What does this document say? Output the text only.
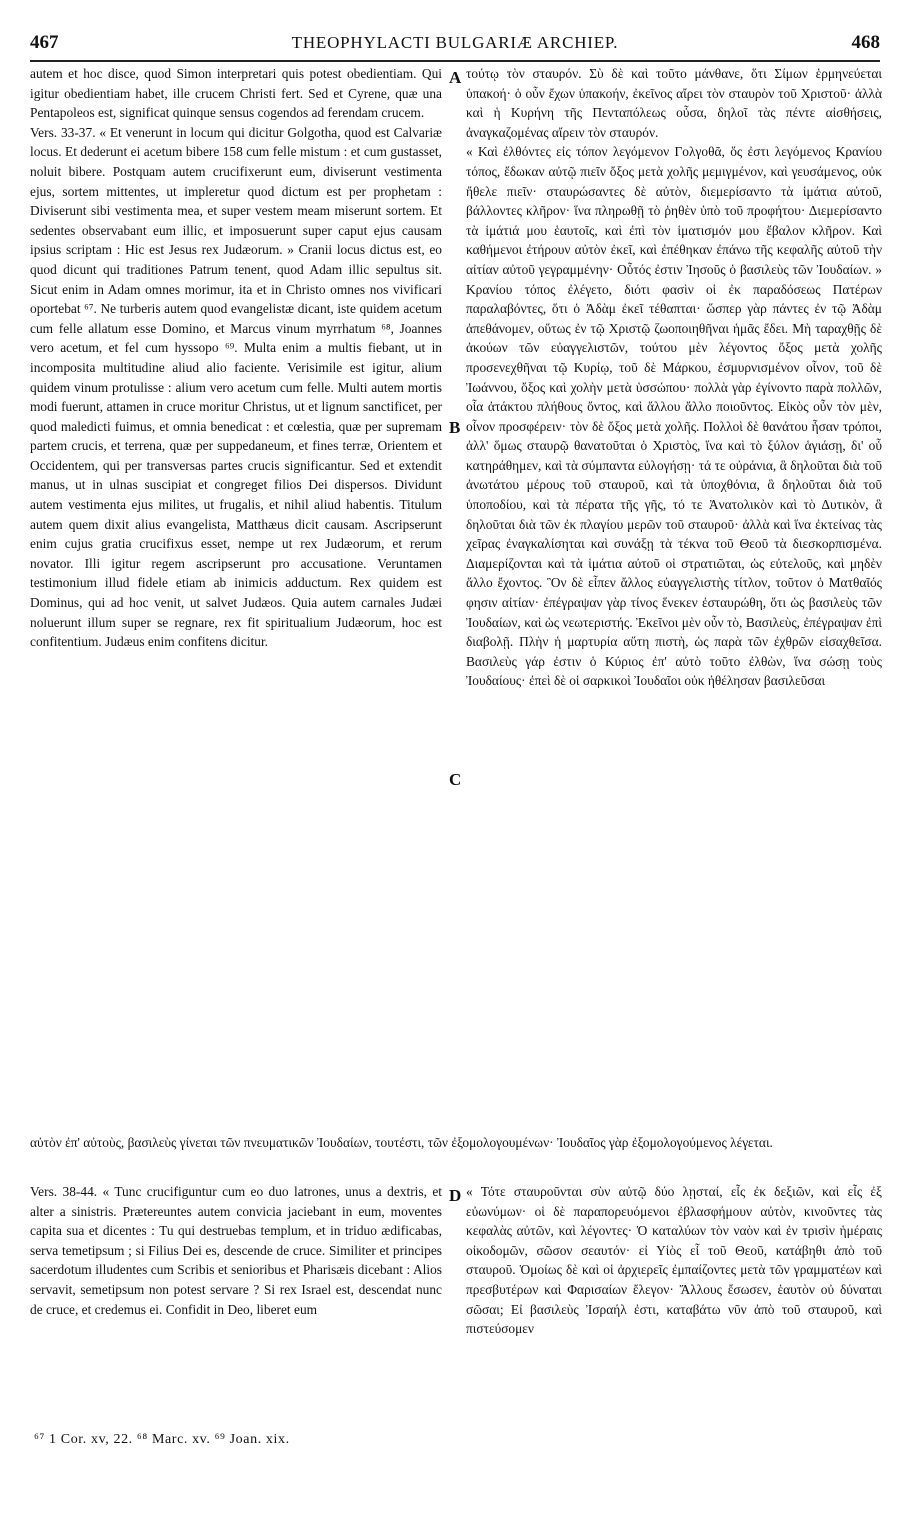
467	THEOPHYLACTI BULGARIÆ ARCHIEP.	468

autem et hoc disce, quod Simon interpretari quis potest obedientiam. Qui igitur obedientiam habet, ille crucem Christi fert. Sed et Cyrene, quæ una Pentapoleos est, significat quinque sensus cogendos ad ferendam crucem.

Vers. 33-37. « Et venerunt in locum qui dicitur Golgotha, quod est Calvariæ locus. Et dederunt ei acetum bibere 158 cum felle mistum : et cum gustasset, noluit bibere. Postquam autem crucifixerunt eum, diviserunt vestimenta ejus, sortem mittentes, ut impleretur quod dictum est per prophetam : Diviserunt sibi vestimenta mea, et super vestem meam miserunt sortem. Et sedentes observabant eum illic, et imposuerunt super caput ejus causam ipsius scriptam : Hic est Jesus rex Judæorum. » Cranii locus dictus est, eo quod dicunt qui traditiones Patrum tenent, quod Adam illic sepultus sit. Sicut enim in Adam omnes morimur, ita et in Christo omnes nos vivificari oportebat ⁶⁷. Ne turberis autem quod evangelistæ dicant, iste quidem acetum cum felle allatum esse Domino, et Marcus vinum myrrhatum ⁶⁸, Joannes vero acetum, et fel cum hyssopo ⁶⁹. Multa enim a multis fiebant, ut in incomposita multitudine aliud alio faciente. Verisimile est igitur, alium quidem vinum protulisse : alium vero acetum cum felle. Multi autem mortis modi fuerunt, attamen in cruce moritur Christus, ut et lignum sanctificet, per quod maledicti fuimus, et omnia benedicat : et cœlestia, quæ per supremam partem crucis, et terrena, quæ per suppedaneum, et fines terræ, Orientem et Occidentem, qui per transversas partes crucis significantur. Sed et extendit manus, ut in ulnas suscipiat et congreget filios Dei dispersos. Dividunt autem vestimenta ejus milites, ut frugalis, et nihil aliud habentis. Titulum autem quem dixit alius evangelista, Matthæus dicit causam. Ascripserunt enim cujus gratia crucifixus esset, nempe ut rex Judæorum, et rerum novator. Illi igitur regem ascripserunt pro accusatione. Veruntamen testimonium illud fidele etiam ab inimicis adductum. Rex quidem est Dominus, qui ad hoc venit, ut salvet Judæos. Quia autem carnales Judæi noluerunt illum super se regnare, rex fit spiritualium Judæorum, hoc est confitentium. Judæus enim confitens dicitur.

τούτῳ τὸν σταυρόν. Σὺ δὲ καὶ τοῦτο μάνθανε, ὅτι Σίμων ἑρμηνεύεται ὑπακοή· ὁ οὖν ἔχων ὑπακοήν, ἐκεῖνος αἴρει τὸν σταυρὸν τοῦ Χριστοῦ· ἀλλὰ καὶ ἡ Κυρήνη τῆς Πενταπόλεως οὖσα, δηλοῖ τὰς πέντε αἰσθήσεις, ἀναγκαζομένας αἴρειν τὸν σταυρόν.

« Καὶ ἐλθόντες εἰς τόπον λεγόμενον Γολγοθᾶ, ὅς ἐστι λεγόμενος Κρανίου τόπος, ἔδωκαν αὐτῷ πιεῖν ὄξος μετὰ χολῆς μεμιγμένον, καὶ γευσάμενος, οὐκ ἤθελε πιεῖν· σταυρώσαντες δὲ αὐτὸν, διεμερίσαντο τὰ ἱμάτια αὐτοῦ, βάλλοντες κλῆρον· ἵνα πληρωθῇ τὸ ῥηθὲν ὑπὸ τοῦ προφήτου· Διεμερίσαντο τὰ ἱμάτιά μου ἑαυτοῖς, καὶ ἐπὶ τὸν ἱματισμόν μου ἔβαλον κλῆρον. Καὶ καθήμενοι ἐτήρουν αὐτὸν ἐκεῖ, καὶ ἐπέθηκαν ἐπάνω τῆς κεφαλῆς αὐτοῦ τὴν αἰτίαν αὐτοῦ γεγραμμένην· Οὗτός ἐστιν Ἰησοῦς ὁ βασιλεὺς τῶν Ἰουδαίων. » Κρανίου τόπος ἐλέγετο, διότι φασὶν οἱ ἐκ παραδόσεως Πατέρων παραλαβόντες, ὅτι ὁ Ἀδὰμ ἐκεῖ τέθαπται· ὥσπερ γὰρ πάντες ἐν τῷ Ἀδὰμ ἀπεθάνομεν, οὕτως ἐν τῷ Χριστῷ ζωοποιηθῆναι ἡμᾶς ἔδει. Μὴ ταραχθῇς δὲ ἀκούων τῶν εὐαγγελιστῶν, τούτου μὲν λέγοντος ὄξος μετὰ χολῆς προσενεχθῆναι τῷ Κυρίῳ, τοῦ δὲ Μάρκου, ἐσμυρνισμένον οἶνον, τοῦ δὲ Ἰωάννου, ὄξος καὶ χολὴν μετὰ ὑσσώπου· πολλὰ γὰρ ἐγίνοντο παρὰ πολλῶν, οἷα ἀτάκτου πλήθους ὄντος, καὶ ἄλλου ἄλλο ποιοῦντος. Εἰκὸς οὖν τὸν μὲν, οἶνον προσφέρειν· τὸν δὲ ὄξος μετὰ χολῆς. Πολλοὶ δὲ θανάτου ἦσαν τρόποι, ἀλλ' ὅμως σταυρῷ θανατοῦται ὁ Χριστὸς, ἵνα καὶ τὸ ξύλον ἁγιάσῃ, δι' οὗ κατηράθημεν, καὶ τὰ σύμπαντα εὐλογήσῃ· τά τε οὐράνια, ἃ δηλοῦται διὰ τοῦ ἀνωτάτου μέρους τοῦ σταυροῦ, καὶ τὰ ὑποχθόνια, ἃ δηλοῦται διὰ τοῦ ὑποποδίου, καὶ τὰ πέρατα τῆς γῆς, τό τε Ἀνατολικὸν καὶ τὸ Δυτικὸν, ἃ δηλοῦται διὰ τῶν ἐκ πλαγίου μερῶν τοῦ σταυροῦ· ἀλλὰ καὶ ἵνα ἐκτείνας τὰς χεῖρας ἐναγκαλίσηται καὶ συνάξῃ τὰ τέκνα τοῦ Θεοῦ τὰ διεσκορπισμένα. Διαμερίζονται καὶ τὰ ἱμάτια αὐτοῦ οἱ στρατιῶται, ὡς εὐτελοῦς, καὶ μηδὲν ἄλλο ἔχοντος. Ὃν δὲ εἶπεν ἄλλος εὐαγγελιστὴς τίτλον, τοῦτον ὁ Ματθαῖός φησιν αἰτίαν· ἐπέγραψαν γὰρ τίνος ἕνεκεν ἐσταυρώθη, ὅτι ὡς βασιλεὺς τῶν Ἰουδαίων, καὶ ὡς νεωτεριστής. Ἐκεῖνοι μὲν οὖν τὸ, Βασιλεὺς, ἐπέγραψαν ἐπὶ διαβολῇ. Πλὴν ἡ μαρτυρία αὕτη πιστὴ, ὡς παρὰ τῶν ἐχθρῶν εἰσαχθεῖσα. Βασιλεὺς γάρ ἐστιν ὁ Κύριος ἐπ' αὐτὸ τοῦτο ἐλθὼν, ἵνα σώσῃ τοὺς Ἰουδαίους· ἐπεὶ δὲ οἱ σαρκικοὶ Ἰουδαῖοι οὐκ ἠθέλησαν βασιλεῦσαι

A
B
C
D

αὐτὸν ἐπ' αὐτοὺς, βασιλεὺς γίνεται τῶν πνευματικῶν Ἰουδαίων, τουτέστι, τῶν ἐξομολογουμένων· Ἰουδαῖος γὰρ ἐξομολογούμενος λέγεται.

Vers. 38-44. « Tunc crucifiguntur cum eo duo latrones, unus a dextris, et alter a sinistris. Prætereuntes autem convicia jaciebant in eum, moventes capita sua et dicentes : Tu qui destruebas templum, et in triduo ædificabas, serva temetipsum ; si Filius Dei es, descende de cruce. Similiter et principes sacerdotum illudentes cum Scribis et senioribus et Pharisæis dicebant : Alios servavit, semetipsum non potest servare ? Si rex Israel est, descendat nunc de cruce, et credemus ei. Confidit in Deo, liberet eum

« Τότε σταυροῦνται σὺν αὐτῷ δύο λῃσταί, εἷς ἐκ δεξιῶν, καὶ εἷς ἐξ εὐωνύμων· οἱ δὲ παραπορευόμενοι ἐβλασφήμουν αὐτὸν, κινοῦντες τὰς κεφαλὰς αὐτῶν, καὶ λέγοντες· Ὁ καταλύων τὸν ναὸν καὶ ἐν τρισὶν ἡμέραις οἰκοδομῶν, σῶσον σεαυτόν· εἰ Υἱὸς εἶ τοῦ Θεοῦ, κατάβηθι ἀπὸ τοῦ σταυροῦ. Ὁμοίως δὲ καὶ οἱ ἀρχιερεῖς ἐμπαίζοντες μετὰ τῶν γραμματέων καὶ πρεσβυτέρων καὶ Φαρισαίων ἔλεγον· Ἄλλους ἔσωσεν, ἑαυτὸν οὐ δύναται σῶσαι; Εἰ βασιλεὺς Ἰσραήλ ἐστι, καταβάτω νῦν ἀπὸ τοῦ σταυροῦ, καὶ πιστεύσομεν

⁶⁷ 1 Cor. xv, 22. ⁶⁸ Marc. xv. ⁶⁹ Joan. xix.
